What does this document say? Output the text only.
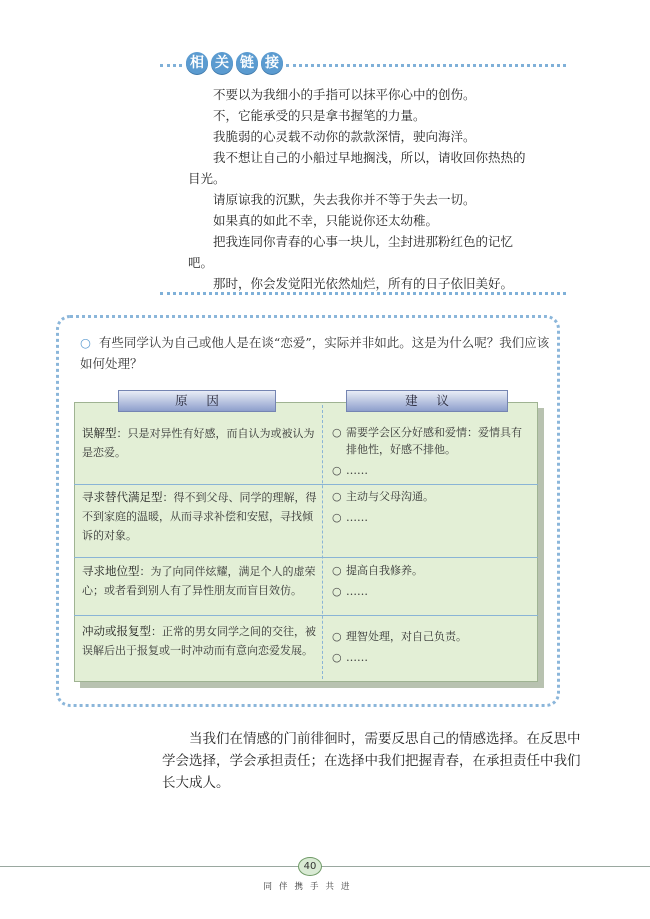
相 关 链 接

不要以为我细小的手指可以抹平你心中的创伤。

不，它能承受的只是拿书握笔的力量。

我脆弱的心灵载不动你的款款深情，驶向海洋。

我不想让自己的小船过早地搁浅，所以，请收回你热热的

目光。

请原谅我的沉默，失去我你并不等于失去一切。

如果真的如此不幸，只能说你还太幼稚。

把我连同你青春的心事一块儿，尘封进那粉红色的记忆

吧。

那时，你会发觉阳光依然灿烂，所有的日子依旧美好。

○ 有些同学认为自己或他人是在谈“恋爱”，实际并非如此。这是为什么呢？我们应该如何处理？
原因	建议
误解型：只是对异性有好感，而自认为或被认为是恋爱。
○ 需要学会区分好感和爱情：爱情具有排他性，好感不排他。
○ ……
寻求替代满足型：得不到父母、同学的理解，得不到家庭的温暖，从而寻求补偿和安慰，寻找倾诉的对象。
○ 主动与父母沟通。
○ ……
寻求地位型：为了向同伴炫耀，满足个人的虚荣心；或者看到别人有了异性朋友而盲目效仿。
○ 提高自我修养。
○ ……
冲动或报复型：正常的男女同学之间的交往，被误解后出于报复或一时冲动而有意向恋爱发展。
○ 理智处理，对自己负责。
○ ……

当我们在情感的门前徘徊时，需要反思自己的情感选择。在反思中学会选择，学会承担责任；在选择中我们把握青春，在承担责任中我们长大成人。

40
同伴携手共进
